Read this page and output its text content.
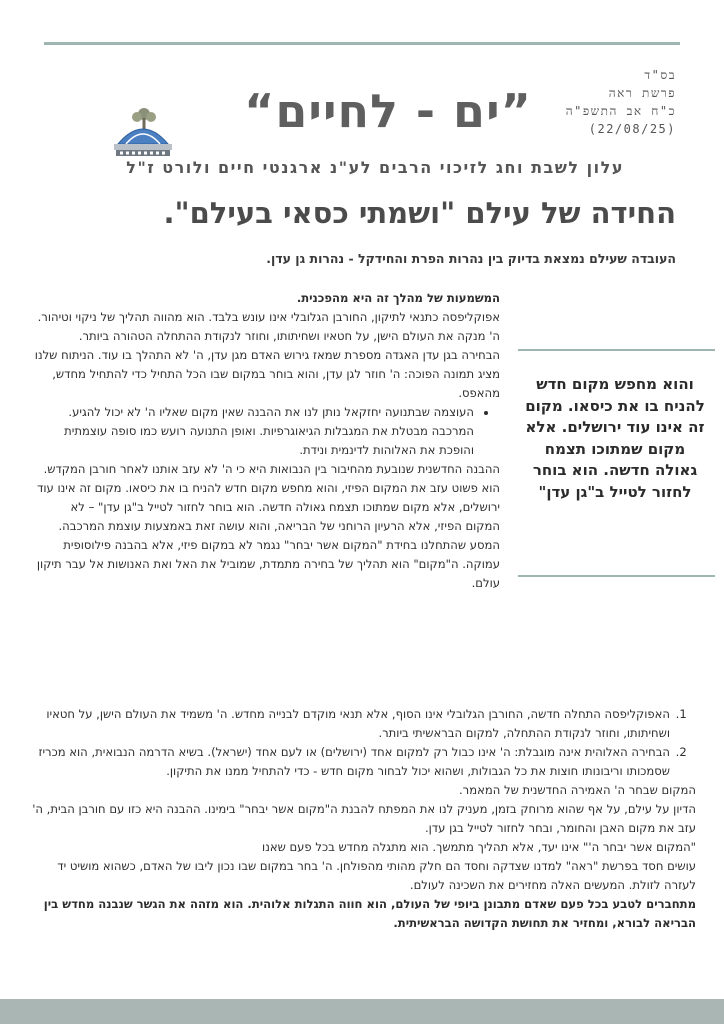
בס"ד
פרשת ראה
כ"ח אב התשפ"ה
(22/08/25)
”ים - לחיים“
עלון לשבת וחג לזיכוי הרבים לע"נ ארגנטי חיים ולורט ז"ל
החידה של עילם "ושמתי כסאי בעילם".
העובדה שעילם נמצאת בדיוק בין נהרות הפרת והחידקל - נהרות גן עדן.
והוא מחפש מקום חדש להניח בו את כיסאו. מקום זה אינו עוד ירושלים. אלא מקום שמתוכו תצמח גאולה חדשה. הוא בוחר לחזור לטייל ב"גן עדן"

המשמעות של מהלך זה היא מהפכנית.

אפוקליפסה כתנאי לתיקון, החורבן הגלובלי אינו עונש בלבד. הוא מהווה תהליך של ניקוי וטיהור. ה' מנקה את העולם הישן, על חטאיו ושחיתותו, וחוזר לנקודת ההתחלה הטהורה ביותר.

הבחירה בגן עדן האגדה מספרת שמאז גירוש האדם מגן עדן, ה' לא התהלך בו עוד. הניתוח שלנו מציג תמונה הפוכה: ה' חוזר לגן עדן, והוא בוחר במקום שבו הכל התחיל כדי להתחיל מחדש, מהאפס.

• העוצמה שבתנועה יחזקאל נותן לנו את ההבנה שאין מקום שאליו ה' לא יכול להגיע. המרכבה מבטלת את המגבלות הגיאוגרפיות. ואופן התנועה רועש כמו סופה עוצמתית והופכת את האלוהות לדינמית ונידת.

ההבנה החדשנית שנובעת מהחיבור בין הנבואות היא כי ה' לא עזב אותנו לאחר חורבן המקדש. הוא פשוט עזב את המקום הפיזי, והוא מחפש מקום חדש להניח בו את כיסאו. מקום זה אינו עוד ירושלים, אלא מקום שמתוכו תצמח גאולה חדשה. הוא בוחר לחזור לטייל ב"גן עדן" – לא המקום הפיזי, אלא הרעיון הרוחני של הבריאה, והוא עושה זאת באמצעות עוצמת המרכבה.

המסע שהתחלנו בחידת "המקום אשר יבחר" נגמר לא במקום פיזי, אלא בהבנה פילוסופית עמוקה. ה"מקום" הוא תהליך של בחירה מתמדת, שמוביל את האל ואת האנושות אל עבר תיקון עולם.

1. האפוקליפסה התחלה חדשה, החורבן הגלובלי אינו הסוף, אלא תנאי מוקדם לבנייה מחדש. ה' משמיד את העולם הישן, על חטאיו ושחיתותו, וחוזר לנקודת ההתחלה, למקום הבראשיתי ביותר.
2. הבחירה האלוהית אינה מוגבלת: ה' אינו כבול רק למקום אחד (ירושלים) או לעם אחד (ישראל). בשיא הדרמה הנבואית, הוא מכריז שסמכותו וריבונותו חוצות את כל הגבולות, ושהוא יכול לבחור מקום חדש - כדי להתחיל ממנו את התיקון.

המקום שבחר ה' האמירה החדשנית של המאמר.

הדיון על עילם, על אף שהוא מרוחק בזמן, מעניק לנו את המפתח להבנת ה"מקום אשר יבחר" בימינו. ההבנה היא כזו עם חורבן הבית, ה' עזב את מקום האבן והחומר, ובחר לחזור לטייל בגן עדן.

"המקום אשר יבחר ה'" אינו יעד, אלא תהליך מתמשך. הוא מתגלה מחדש בכל פעם שאנו

עושים חסד בפרשת "ראה" למדנו שצדקה וחסד הם חלק מהותי מהפולחן. ה' בחר במקום שבו נכון ליבו של האדם, כשהוא מושיט יד לעזרה לזולת. המעשים האלה מחזירים את השכינה לעולם.

מתחברים לטבע בכל פעם שאדם מתבונן ביופי של העולם, הוא חווה התגלות אלוהית. הוא מזהה את הגשר שנבנה מחדש בין הבריאה לבורא, ומחזיר את תחושת הקדושה הבראשיתית.
